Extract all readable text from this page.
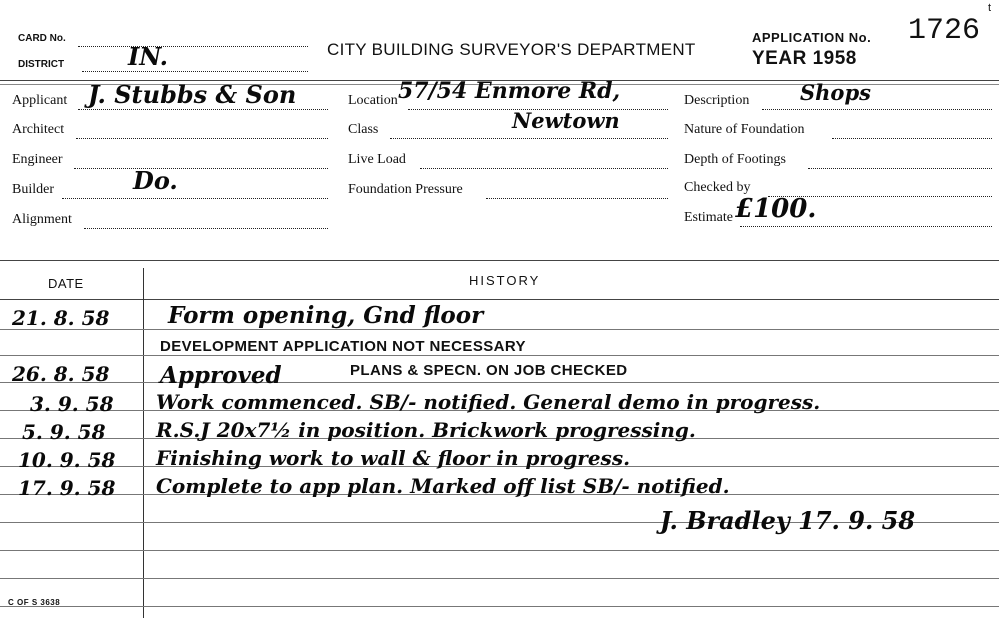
CARD No.
DISTRICT	IN.	CITY BUILDING SURVEYOR'S DEPARTMENT
APPLICATION No. 1726
YEAR 1958
t
Applicant J. Stubbs & Son
Architect
Engineer
Builder	Do.
Alignment
Location 57/54 Enmore Rd,
Class	Newtown
Live Load
Foundation Pressure
Description Shops
Nature of Foundation
Depth of Footings
Checked by
Estimate £100.
DATE	HISTORY
21. 8. 58	Form opening, Gnd floor
DEVELOPMENT APPLICATION NOT NECESSARY
26. 8. 58 Approved	PLANS & SPECN. ON JOB CHECKED
3. 9. 58 Work commenced. SB/- notified. General demo in progress.
5. 9. 58	R.S.J 20x7½ in position. Brickwork progressing.
10. 9. 58 Finishing work to wall & floor in progress.
17. 9. 58 Complete to app plan. Marked off list SB/- notified.
J. Bradley 17. 9. 58
C OF S 3638
